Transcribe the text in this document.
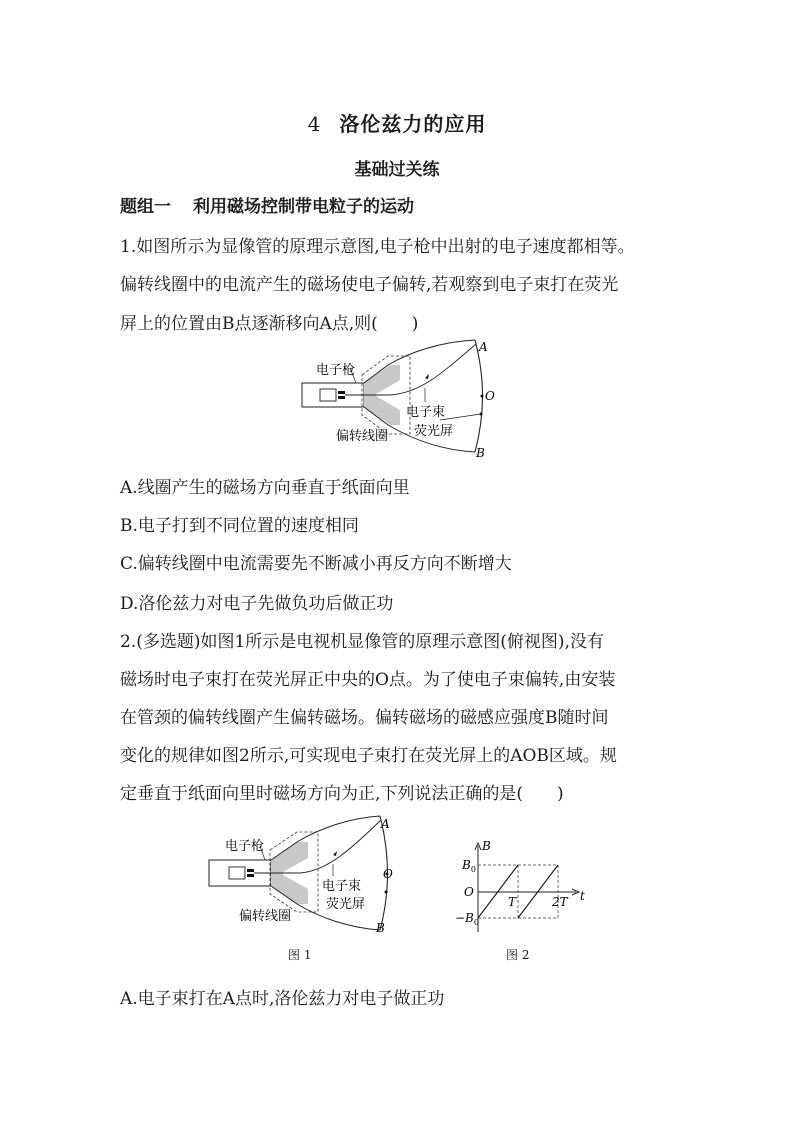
4 洛伦兹力的应用
基础过关练
题组一 利用磁场控制带电粒子的运动
1.如图所示为显像管的原理示意图,电子枪中出射的电子速度都相等。
偏转线圈中的电流产生的磁场使电子偏转,若观察到电子束打在荧光
屏上的位置由B点逐渐移向A点,则(　　)
电子枪
偏转线圈
电子束
荧光屏
A
O
B
A.线圈产生的磁场方向垂直于纸面向里
B.电子打到不同位置的速度相同
C.偏转线圈中电流需要先不断减小再反方向不断增大
D.洛伦兹力对电子先做负功后做正功
2.(多选题)如图1所示是电视机显像管的原理示意图(俯视图),没有
磁场时电子束打在荧光屏正中央的O点。为了使电子束偏转,由安装
在管颈的偏转线圈产生偏转磁场。偏转磁场的磁感应强度B随时间
变化的规律如图2所示,可实现电子束打在荧光屏上的AOB区域。规
定垂直于纸面向里时磁场方向为正,下列说法正确的是(　　)
电子枪
偏转线圈
电子束
荧光屏
A
O
B
B
t
$B_0$
O
$-B_0$
T	2T
图 1	图 2
A.电子束打在A点时,洛伦兹力对电子做正功
